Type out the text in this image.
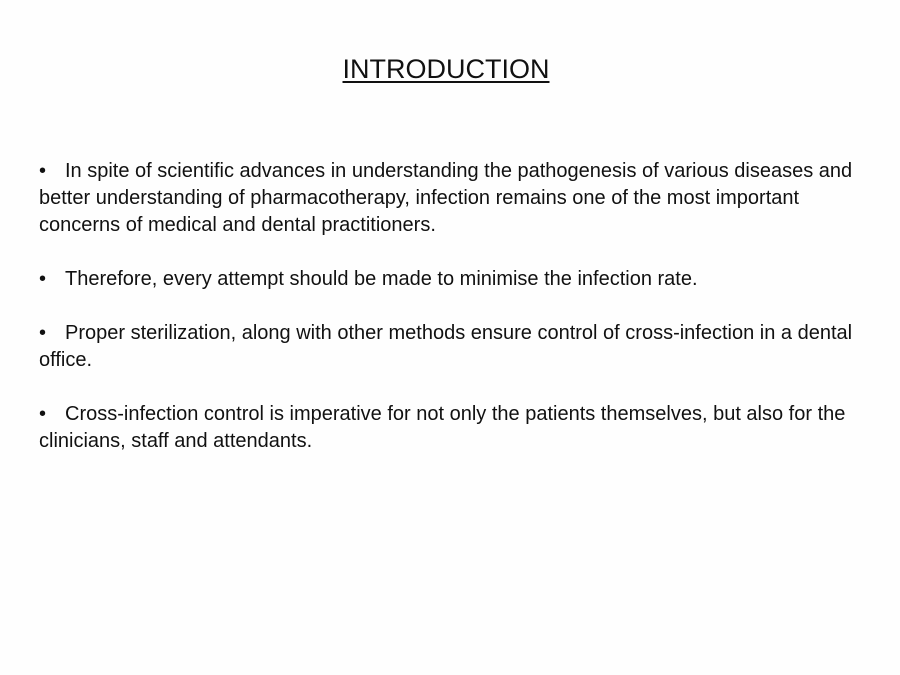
INTRODUCTION
• In spite of scientific advances in understanding the pathogenesis of various diseases and better understanding of pharmacotherapy, infection remains one of the most important concerns of medical and dental practitioners.
• Therefore, every attempt should be made to minimise the infection rate.
• Proper sterilization, along with other methods ensure control of cross-infection in a dental office.
• Cross-infection control is imperative for not only the patients themselves, but also for the clinicians, staff and attendants.
